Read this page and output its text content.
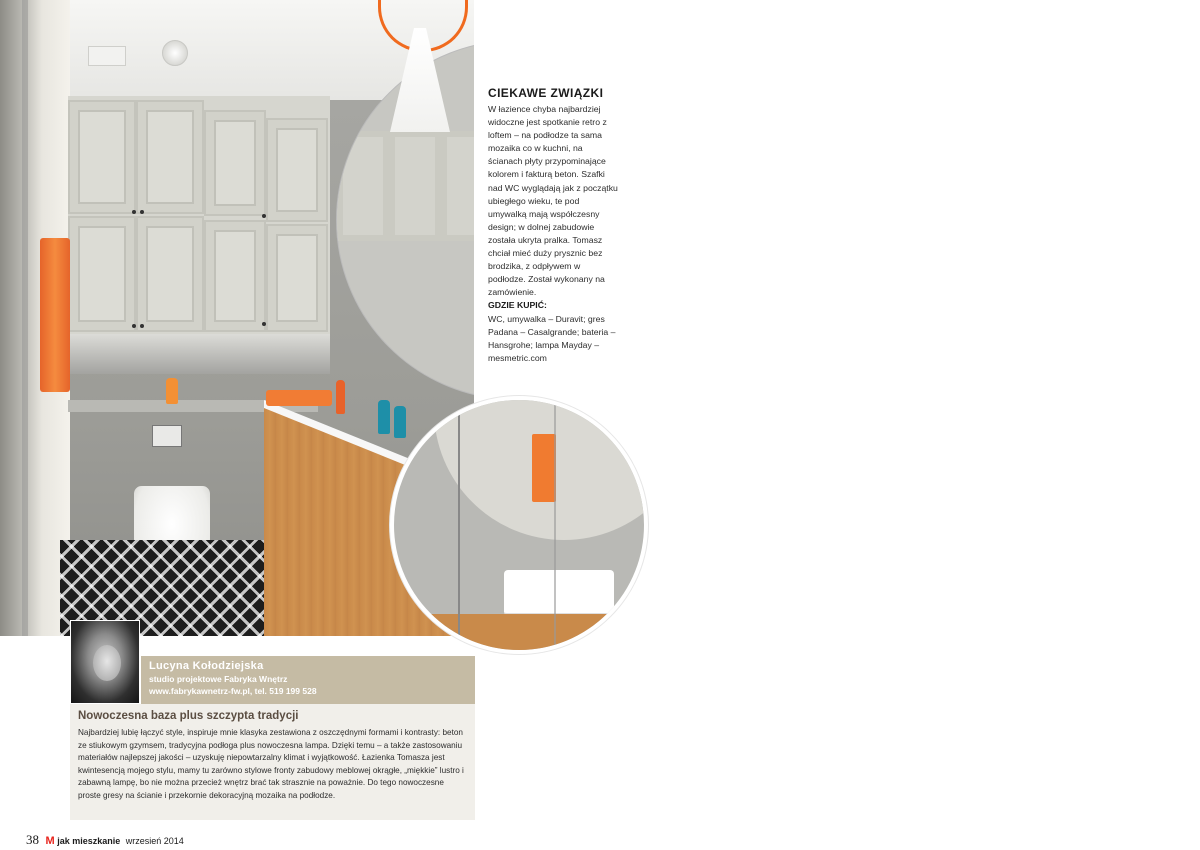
CIEKAWE ZWIĄZKI

W łazience chyba najbardziej widoczne jest spotkanie retro z loftem – na podłodze ta sama mozaika co w kuchni, na ścianach płyty przypominające kolorem i fakturą beton. Szafki nad WC wyglądają jak z początku ubiegłego wieku, te pod umywalką mają współczesny design; w dolnej zabudowie została ukryta pralka. Tomasz chciał mieć duży prysznic bez brodzika, z odpływem w podłodze. Został wykonany na zamówienie.

GDZIE KUPIĆ:

WC, umywalka – Duravit; gres Padana – Casalgrande; bateria – Hansgrohe; lampa Mayday – mesmetric.com

Lucyna Kołodziejska
studio projektowe Fabryka Wnętrz
www.fabrykawnetrz-fw.pl, tel. 519 199 528
Nowoczesna baza plus szczypta tradycji

Najbardziej lubię łączyć style, inspiruje mnie klasyka zestawiona z oszczędnymi formami i kontrasty: beton ze stiukowym gzymsem, tradycyjna podłoga plus nowoczesna lampa. Dzięki temu – a także zastosowaniu materiałów najlepszej jakości – uzyskuję niepowtarzalny klimat i wyjątkowość. Łazienka Tomasza jest kwintesencją mojego stylu, mamy tu zarówno stylowe fronty zabudowy meblowej okrągłe, „miękkie” lustro i zabawną lampę, bo nie można przecież wnętrz brać tak strasznie na poważnie. Do tego nowoczesne proste gresy na ścianie i przekornie dekoracyjną mozaika na podłodze.

38 M jak mieszkanie wrzesień 2014
